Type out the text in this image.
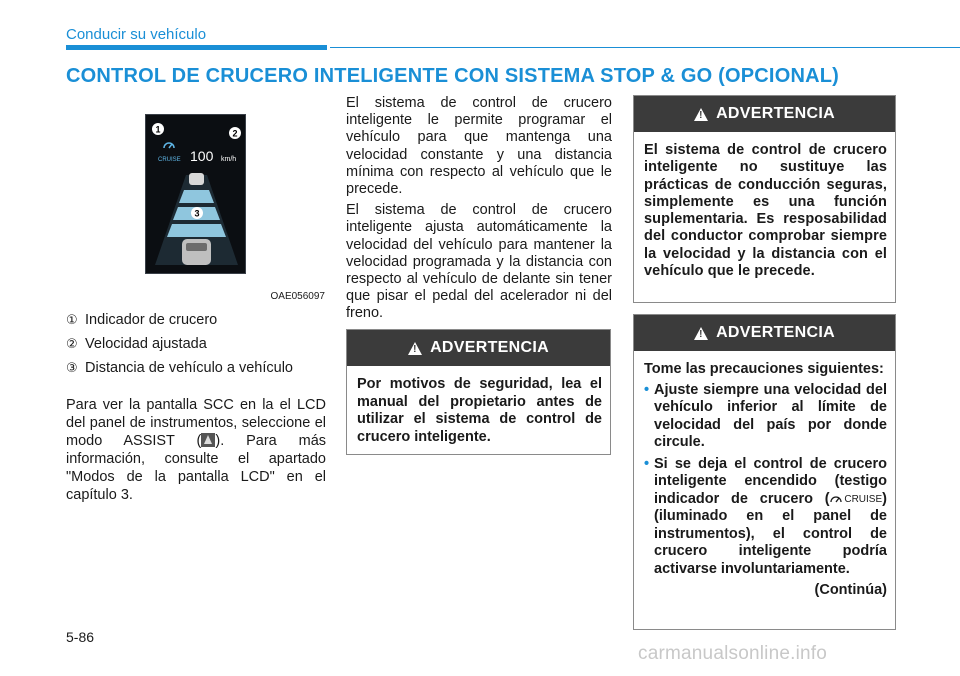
Conducir su vehículo
CONTROL DE CRUCERO INTELIGENTE CON SISTEMA STOP & GO (OPCIONAL)
1	2
CRUISE 100 km/h
3
OAE056097
① Indicador de crucero
② Velocidad ajustada
③ Distancia de vehículo a vehículo
Para ver la pantalla SCC en la el LCD del panel de instrumentos, seleccione el modo ASSIST ( ). Para más información, consulte el apartado "Modos de la pantalla LCD" en el capítulo 3.

El sistema de control de crucero inteligente le permite programar el vehículo para que mantenga una velocidad constante y una distancia mínima con respecto al vehículo que le precede.

El sistema de control de crucero inteligente ajusta automáticamente la velocidad del vehículo para mantener la velocidad programada y la distancia con respecto al vehículo de delante sin tener que pisar el pedal del acelerador ni del freno.

!
ADVERTENCIA
Por motivos de seguridad, lea el manual del propietario antes de utilizar el sistema de control de crucero inteligente.
!
ADVERTENCIA
El sistema de control de crucero inteligente no sustituye las prácticas de conducción seguras, simplemente es una función suplementaria. Es resposabilidad del conductor comprobar siempre la velocidad y la distancia con el vehículo que le precede.
!
ADVERTENCIA
Tome las precauciones siguientes:
• Ajuste siempre una velocidad del vehículo inferior al límite de velocidad del país por donde circule.
• Si se deja el control de crucero inteligente encendido (testigo indicador de crucero ( CRUISE)(iluminado en el panel de instrumentos), el control de crucero inteligente podría activarse involuntariamente.
(Continúa)
5-86
carmanualsonline.info
